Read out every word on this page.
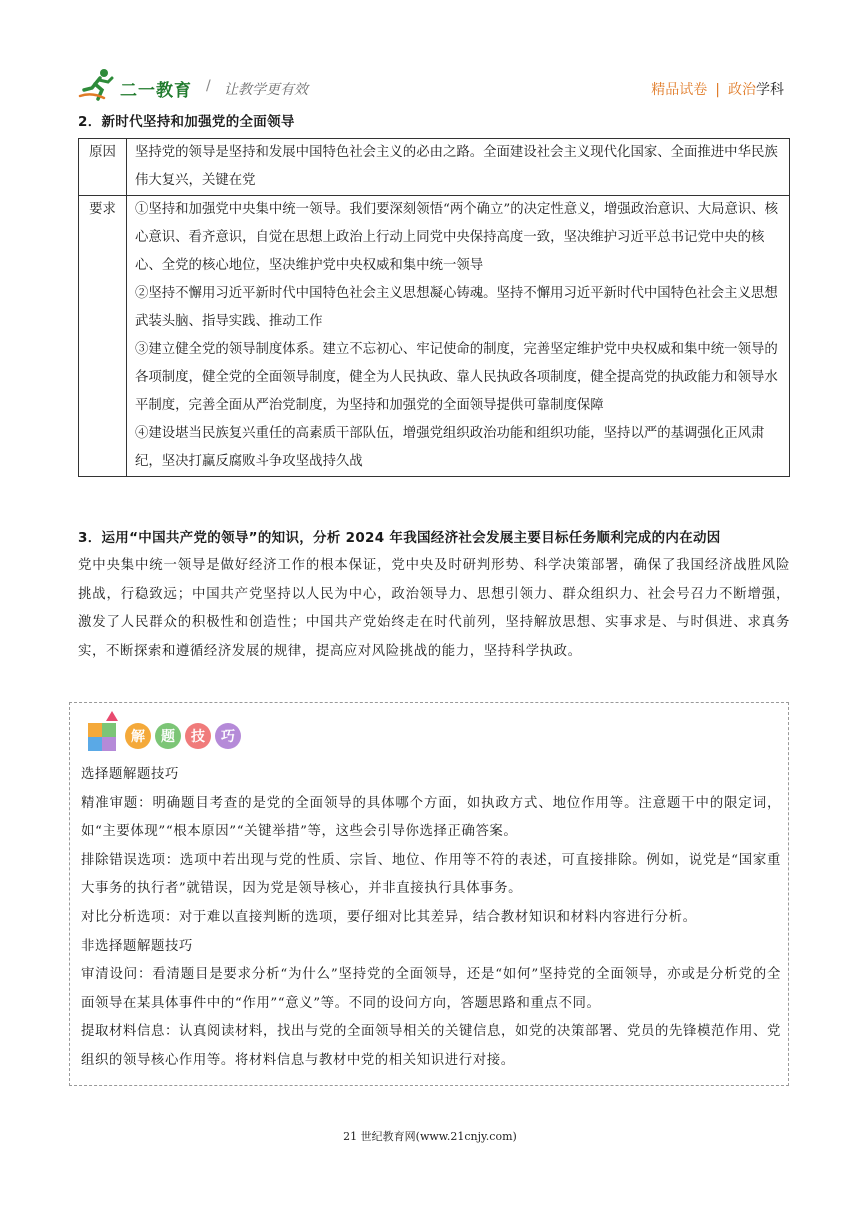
二一教育 / 让教学更有效	精品试卷 | 政治学科
2．新时代坚持和加强党的全面领导
原因	坚持党的领导是坚持和发展中国特色社会主义的必由之路。全面建设社会主义现代化国家、全面推进中华民族伟大复兴，关键在党

要求	①坚持和加强党中央集中统一领导。我们要深刻领悟“两个确立”的决定性意义，增强政治意识、大局意识、核心意识、看齐意识，自觉在思想上政治上行动上同党中央保持高度一致，坚决维护习近平总书记党中央的核心、全党的核心地位，坚决维护党中央权威和集中统一领导

②坚持不懈用习近平新时代中国特色社会主义思想凝心铸魂。坚持不懈用习近平新时代中国特色社会主义思想武装头脑、指导实践、推动工作

③建立健全党的领导制度体系。建立不忘初心、牢记使命的制度，完善坚定维护党中央权威和集中统一领导的各项制度，健全党的全面领导制度，健全为人民执政、靠人民执政各项制度，健全提高党的执政能力和领导水平制度，完善全面从严治党制度，为坚持和加强党的全面领导提供可靠制度保障

④建设堪当民族复兴重任的高素质干部队伍，增强党组织政治功能和组织功能，坚持以严的基调强化正风肃纪，坚决打赢反腐败斗争攻坚战持久战

3．运用“中国共产党的领导”的知识，分析 2024 年我国经济社会发展主要目标任务顺利完成的内在动因

党中央集中统一领导是做好经济工作的根本保证，党中央及时研判形势、科学决策部署，确保了我国经济战胜风险挑战，行稳致远；中国共产党坚持以人民为中心，政治领导力、思想引领力、群众组织力、社会号召力不断增强，激发了人民群众的积极性和创造性；中国共产党始终走在时代前列，坚持解放思想、实事求是、与时俱进、求真务实，不断探索和遵循经济发展的规律，提高应对风险挑战的能力，坚持科学执政。

解 题 技 巧

选择题解题技巧

精准审题：明确题目考查的是党的全面领导的具体哪个方面，如执政方式、地位作用等。注意题干中的限定词，如“主要体现”“根本原因”“关键举措”等，这些会引导你选择正确答案。

排除错误选项：选项中若出现与党的性质、宗旨、地位、作用等不符的表述，可直接排除。例如，说党是“国家重大事务的执行者”就错误，因为党是领导核心，并非直接执行具体事务。

对比分析选项：对于难以直接判断的选项，要仔细对比其差异，结合教材知识和材料内容进行分析。

非选择题解题技巧

审清设问：看清题目是要求分析“为什么”坚持党的全面领导，还是“如何”坚持党的全面领导，亦或是分析党的全面领导在某具体事件中的“作用”“意义”等。不同的设问方向，答题思路和重点不同。

提取材料信息：认真阅读材料，找出与党的全面领导相关的关键信息，如党的决策部署、党员的先锋模范作用、党组织的领导核心作用等。将材料信息与教材中党的相关知识进行对接。

21 世纪教育网(www.21cnjy.com)
